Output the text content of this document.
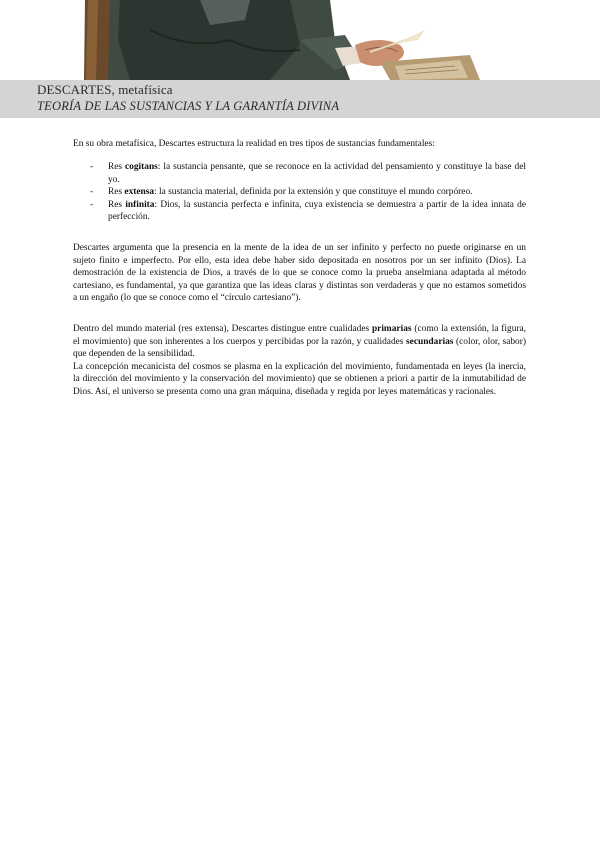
DESCARTES, metafísica
TEORÍA DE LAS SUSTANCIAS Y LA GARANTÍA DIVINA

En su obra metafísica, Descartes estructura la realidad en tres tipos de sustancias fundamentales:

- Res cogitans: la sustancia pensante, que se reconoce en la actividad del pensamiento y constituye la base del yo.
- Res extensa: la sustancia material, definida por la extensión y que constituye el mundo corpóreo.
- Res infinita: Dios, la sustancia perfecta e infinita, cuya existencia se demuestra a partir de la idea innata de perfección.

Descartes argumenta que la presencia en la mente de la idea de un ser infinito y perfecto no puede originarse en un sujeto finito e imperfecto. Por ello, esta idea debe haber sido depositada en nosotros por un ser infinito (Dios). La demostración de la existencia de Dios, a través de lo que se conoce como la prueba anselmiana adaptada al método cartesiano, es fundamental, ya que garantiza que las ideas claras y distintas son verdaderas y que no estamos sometidos a un engaño (lo que se conoce como el “círculo cartesiano”).

Dentro del mundo material (res extensa), Descartes distingue entre cualidades primarias (como la extensión, la figura, el movimiento) que son inherentes a los cuerpos y percibidas por la razón, y cualidades secundarias (color, olor, sabor) que dependen de la sensibilidad.

La concepción mecanicista del cosmos se plasma en la explicación del movimiento, fundamentada en leyes (la inercia, la dirección del movimiento y la conservación del movimiento) que se obtienen a priori a partir de la inmutabilidad de Dios. Así, el universo se presenta como una gran máquina, diseñada y regida por leyes matemáticas y racionales.
